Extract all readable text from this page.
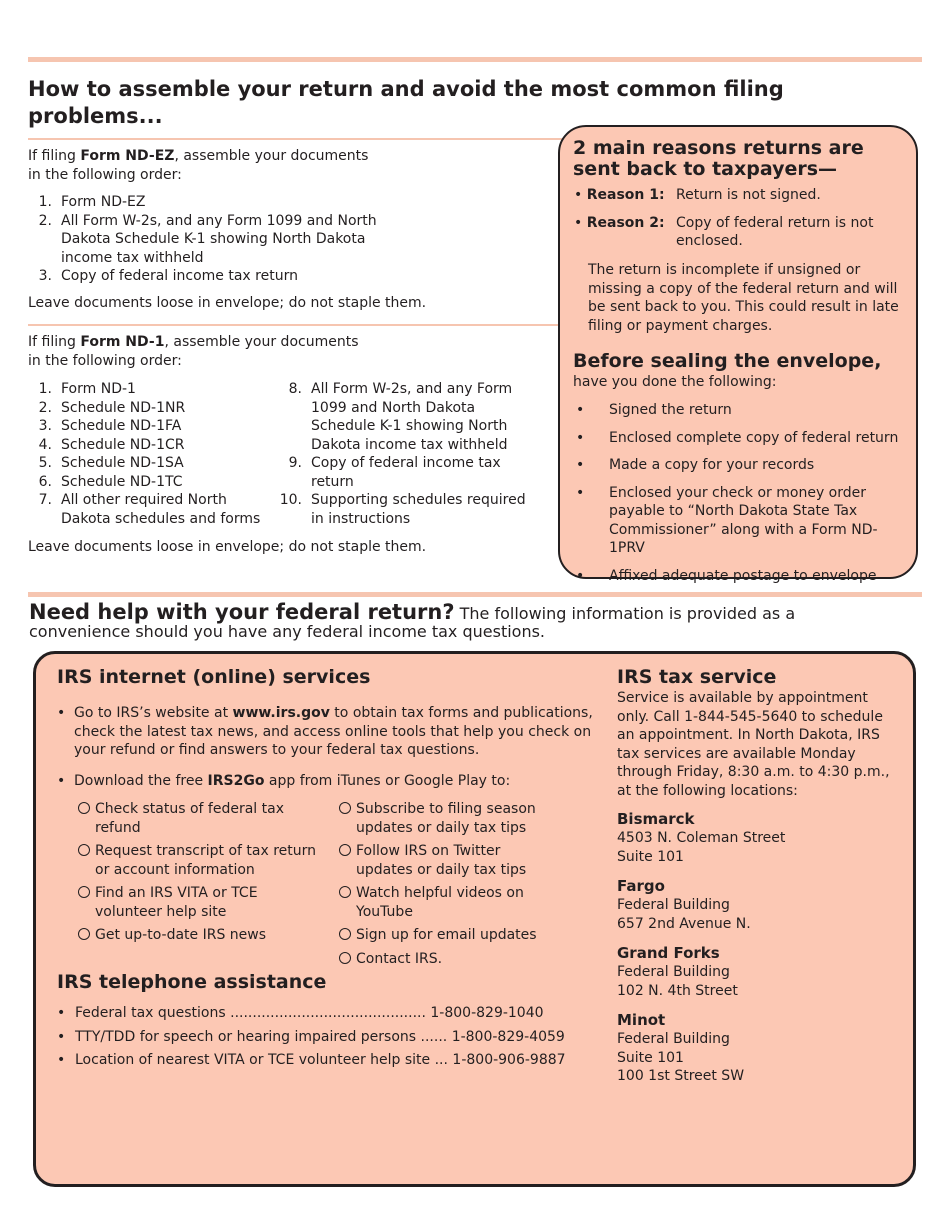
How to assemble your return and avoid the most common filing
problems...
If filing Form ND-EZ, assemble your documents
in the following order:
1. Form ND-EZ
2. All Form W-2s, and any Form 1099 and North Dakota Schedule K-1 showing North Dakota income tax withheld
3. Copy of federal income tax return
Leave documents loose in envelope; do not staple them.
If filing Form ND-1, assemble your documents
in the following order:
1. Form ND-1
2. Schedule ND-1NR
3. Schedule ND-1FA
4. Schedule ND-1CR
5. Schedule ND-1SA
6. Schedule ND-1TC
7. All other required North Dakota schedules and forms
8. All Form W-2s, and any Form 1099 and North Dakota Schedule K-1 showing North Dakota income tax withheld
9. Copy of federal income tax return
10. Supporting schedules required in instructions
Leave documents loose in envelope; do not staple them.
2 main reasons returns are
sent back to taxpayers—
• Reason 1: Return is not signed.
• Reason 2: Copy of federal return is not enclosed.
The return is incomplete if unsigned or missing a copy of the federal return and will be sent back to you. This could result in late filing or payment charges.
Before sealing the envelope,
have you done the following:
• Signed the return
• Enclosed complete copy of federal return
• Made a copy for your records
• Enclosed your check or money order payable to “North Dakota State Tax Commissioner” along with a Form ND-1PRV
• Affixed adequate postage to envelope
Need help with your federal return? The following information is provided as a
convenience should you have any federal income tax questions.
IRS internet (online) services
• Go to IRS’s website at www.irs.gov to obtain tax forms and publications, check the latest tax news, and access online tools that help you check on your refund or find answers to your federal tax questions.
• Download the free IRS2Go app from iTunes or Google Play to:
Check status of federal tax refund
Request transcript of tax return or account information
Find an IRS VITA or TCE volunteer help site
Get up-to-date IRS news
Subscribe to filing season updates or daily tax tips
Follow IRS on Twitter updates or daily tax tips
Watch helpful videos on YouTube
Sign up for email updates
Contact IRS.
IRS telephone assistance
• Federal tax questions ............................................ 1-800-829-1040
• TTY/TDD for speech or hearing impaired persons ...... 1-800-829-4059
• Location of nearest VITA or TCE volunteer help site ... 1-800-906-9887
IRS tax service
Service is available by appointment only. Call 1-844-545-5640 to schedule an appointment. In North Dakota, IRS tax services are available Monday through Friday, 8:30 a.m. to 4:30 p.m., at the following locations:
Bismarck
4503 N. Coleman Street
Suite 101
Fargo
Federal Building
657 2nd Avenue N.
Grand Forks
Federal Building
102 N. 4th Street
Minot
Federal Building
Suite 101
100 1st Street SW
